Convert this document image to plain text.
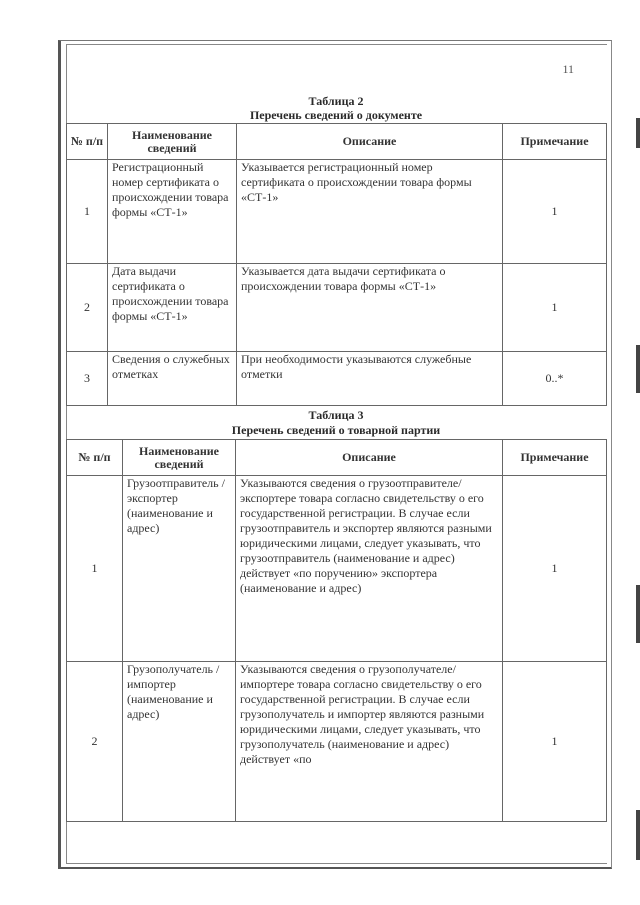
11
Таблица 2
Перечень сведений о документе
№ п/п	Наименование сведений	Описание	Примечание
1	Регистрационный номер сертификата о происхождении товара формы «СТ-1»	Указывается регистрационный номер сертификата о происхождении товара формы «СТ-1»	1
2	Дата выдачи сертификата о происхождении товара формы «СТ-1»	Указывается дата выдачи сертификата о происхождении товара формы «СТ-1»	1
3	Сведения о служебных отметках	При необходимости указываются служебные отметки	0..*
Таблица 3
Перечень сведений о товарной партии
№ п/п	Наименование сведений	Описание	Примечание
1	Грузоотправитель /экспортер (наименование и адрес)	Указываются сведения о грузоотправителе/экспортере товара согласно свидетельству о его государственной регистрации. В случае если грузоотправитель и экспортер являются разными юридическими лицами, следует указывать, что грузоотправитель (наименование и адрес) действует «по поручению» экспортера (наименование и адрес)	1
2	Грузополучатель / импортер (наименование и адрес)	Указываются сведения о грузополучателе/импортере товара согласно свидетельству о его государственной регистрации. В случае если грузополучатель и импортер являются разными юридическими лицами, следует указывать, что грузополучатель (наименование и адрес) действует «по	1
